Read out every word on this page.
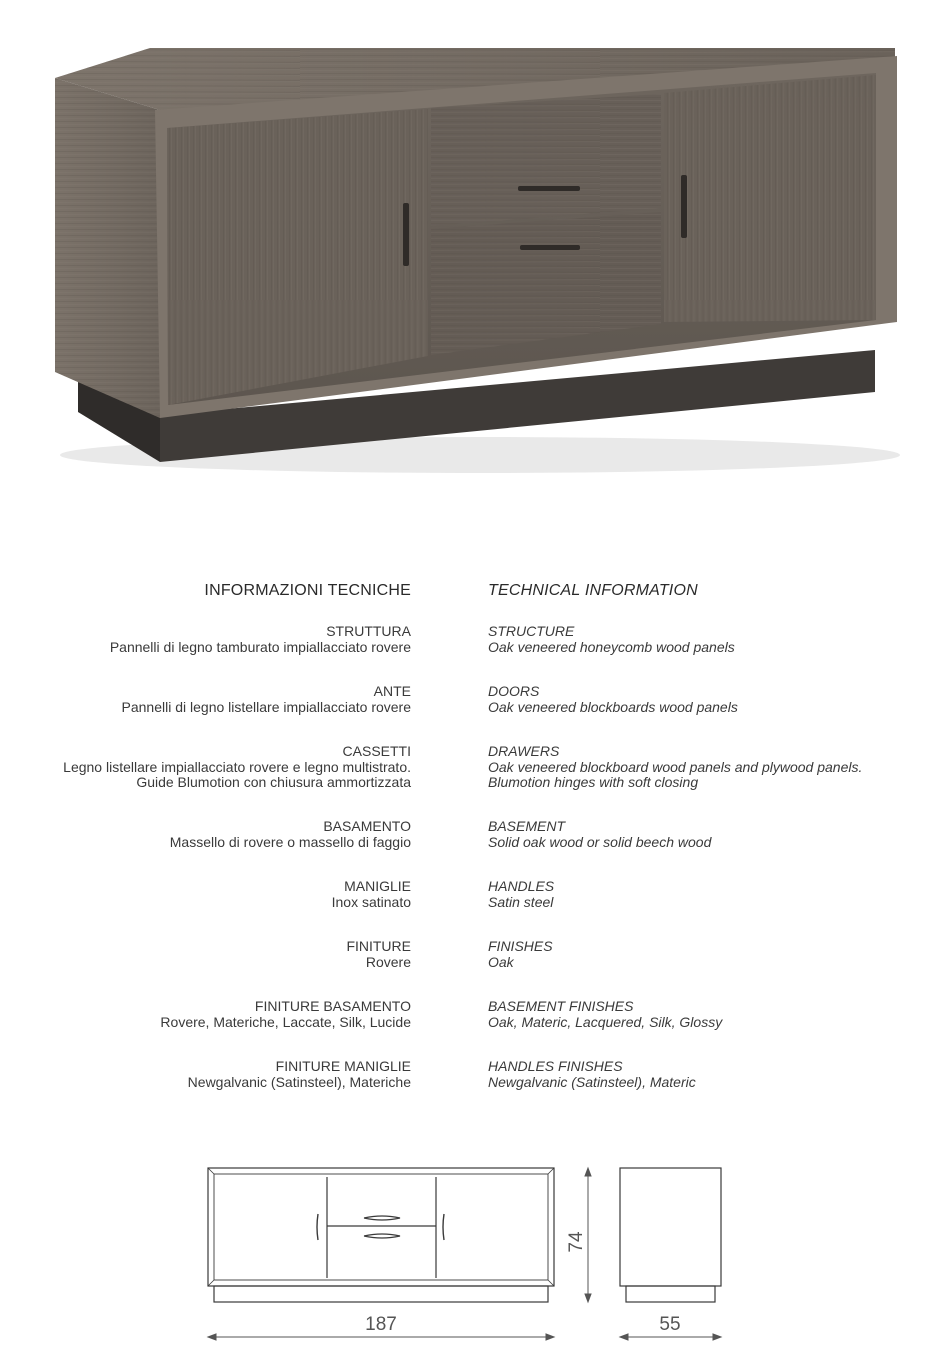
INFORMAZIONI TECNICHE	TECHNICAL INFORMATION
STRUTTURA
Pannelli di legno tamburato impiallacciato rovere
STRUCTURE
Oak veneered honeycomb wood panels
ANTE
Pannelli di legno listellare impiallacciato rovere
DOORS
Oak veneered blockboards wood panels
CASSETTI
Legno listellare impiallacciato rovere e legno multistrato.
Guide Blumotion con chiusura ammortizzata
DRAWERS
Oak veneered blockboard wood panels and plywood panels.
Blumotion hinges with soft closing
BASAMENTO
Massello di rovere o massello di faggio
BASEMENT
Solid oak wood or solid beech wood
MANIGLIE
Inox satinato
HANDLES
Satin steel
FINITURE
Rovere
FINISHES
Oak
FINITURE BASAMENTO
Rovere, Materiche, Laccate, Silk, Lucide
BASEMENT FINISHES
Oak, Materic, Lacquered, Silk, Glossy
FINITURE MANIGLIE
Newgalvanic (Satinsteel), Materiche
HANDLES FINISHES
Newgalvanic (Satinsteel), Materic
187	55
74
